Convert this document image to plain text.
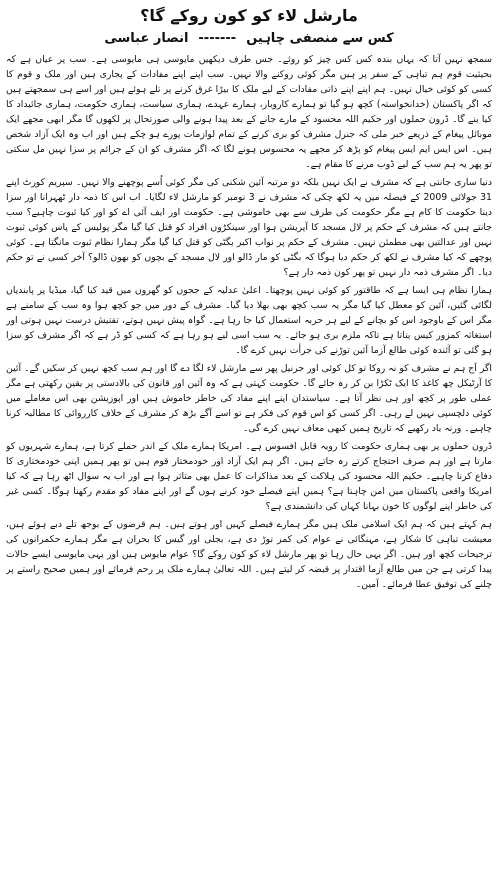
مارشل لاء کو کون روکے گا؟
کس سے منصفی چاہیں
-------
انصار عباسی

سمجھ نہیں آتا کہ یہاں بندہ کس کس چیز کو روئے۔ جس طرف دیکھیں مایوسی ہی مایوسی ہے۔ سب پر عیاں ہے کہ بحیثیت قوم ہم تباہی کے سفر پر ہیں مگر کوئی روکنے والا نہیں۔ سب اپنے اپنے مفادات کے پجاری ہیں اور ملک و قوم کا کسی کو کوئی خیال نہیں۔ ہم اپنے اپنے ذاتی مفادات کے لیے ملک کا بیڑا غرق کرنے پر تلے ہوئے ہیں اور اسے ہی سمجھتے ہیں کہ اگر پاکستان (خدانخواستہ) کچھ ہو گیا تو ہمارے کاروبار، ہمارے عہدے، ہماری سیاست، ہماری حکومت، ہماری جائیداد کا کیا بنے گا۔ ڈرون حملوں اور حکیم اللہ محسود کے مارے جانے کے بعد پیدا ہونے والی صورتحال پر لکھوں گا مگر ابھی مجھے ایک موبائل پیغام کے ذریعے خبر ملی کہ جنرل مشرف کو بری کرنے کے تمام لوازمات پورے ہو چکے ہیں اور اب وہ ایک آزاد شخص ہیں۔ اس ایس ایم ایس پیغام کو پڑھ کر مجھے یہ محسوس ہونے لگا کہ اگر مشرف کو ان کے جرائم پر سزا نہیں مل سکتی تو پھر یہ ہم سب کے لیے ڈوب مرنے کا مقام ہے۔

دنیا ساری جانتی ہے کہ مشرف نے ایک نہیں بلکہ دو مرتبہ آئین شکنی کی مگر کوئی اُسے پوچھنے والا نہیں۔ سپریم کورٹ اپنے 31 جولائی 2009 کے فیصلہ میں یہ لکھ چکی کہ مشرف نے 3 نومبر کو مارشل لاء لگایا۔ اب اس کا ذمہ دار ٹھہرانا اور سزا دینا حکومت کا کام ہے مگر حکومت کی طرف سے بھی خاموشی ہے۔ حکومت اور ایف آئی اے کو اور کیا ثبوت چاہیے؟ سب جانتے ہیں کہ مشرف کے حکم پر لال مسجد کا آپریشن ہوا اور سینکڑوں افراد کو قتل کیا گیا مگر پولیس کے پاس کوئی ثبوت نہیں اور عدالتیں بھی مطمئن نہیں۔ مشرف کے حکم پر نواب اکبر بگٹی کو قتل کیا گیا مگر ہمارا نظام ثبوت مانگتا ہے۔ کوئی پوچھے کہ کیا مشرف نے لکھ کر حکم دیا ہوگا کہ بگٹی کو مار ڈالو اور لال مسجد کے بچوں کو بھون ڈالو؟ آخر کسی نے تو حکم دیا۔ اگر مشرف ذمہ دار نہیں تو پھر کون ذمہ دار ہے؟

ہمارا نظام ہی ایسا ہے کہ طاقتور کو کوئی نہیں پوچھتا۔ اعلیٰ عدلیہ کے ججوں کو گھروں میں قید کیا گیا، میڈیا پر پابندیاں لگائی گئیں، آئین کو معطل کیا گیا مگر یہ سب کچھ بھی بھلا دیا گیا۔ مشرف کے دور میں جو کچھ ہوا وہ سب کے سامنے ہے مگر اس کے باوجود اس کو بچانے کے لیے ہر حربہ استعمال کیا جا رہا ہے۔ گواہ پیش نہیں ہوتے، تفتیش درست نہیں ہوتی اور استغاثہ کمزور کیس بناتا ہے تاکہ ملزم بری ہو جائے۔ یہ سب اسی لیے ہو رہا ہے کہ کسی کو ڈر ہے کہ اگر مشرف کو سزا ہو گئی تو آئندہ کوئی طالع آزما آئین توڑنے کی جرأت نہیں کرے گا۔

اگر آج ہم نے مشرف کو نہ روکا تو کل کوئی اور جرنیل پھر سے مارشل لاء لگا دے گا اور ہم سب کچھ نہیں کر سکیں گے۔ آئین کا آرٹیکل چھ کاغذ کا ایک ٹکڑا بن کر رہ جائے گا۔ حکومت کہتی ہے کہ وہ آئین اور قانون کی بالادستی پر یقین رکھتی ہے مگر عملی طور پر کچھ اور ہی نظر آتا ہے۔ سیاستدان اپنے اپنے مفاد کی خاطر خاموش ہیں اور اپوزیشن بھی اس معاملے میں کوئی دلچسپی نہیں لے رہی۔ اگر کسی کو اس قوم کی فکر ہے تو اسے آگے بڑھ کر مشرف کے خلاف کارروائی کا مطالبہ کرنا چاہیے۔ ورنہ یاد رکھیے کہ تاریخ ہمیں کبھی معاف نہیں کرے گی۔

ڈرون حملوں پر بھی ہماری حکومت کا رویہ قابل افسوس ہے۔ امریکا ہمارے ملک کے اندر حملے کرتا ہے، ہمارے شہریوں کو مارتا ہے اور ہم صرف احتجاج کرتے رہ جاتے ہیں۔ اگر ہم ایک آزاد اور خودمختار قوم ہیں تو پھر ہمیں اپنی خودمختاری کا دفاع کرنا چاہیے۔ حکیم اللہ محسود کی ہلاکت کے بعد مذاکرات کا عمل بھی متاثر ہوا ہے اور اب یہ سوال اٹھ رہا ہے کہ کیا امریکا واقعی پاکستان میں امن چاہتا ہے؟ ہمیں اپنے فیصلے خود کرنے ہوں گے اور اپنے مفاد کو مقدم رکھنا ہوگا۔ کسی غیر کی خاطر اپنے لوگوں کا خون بہانا کہاں کی دانشمندی ہے؟

ہم کہتے ہیں کہ ہم ایک اسلامی ملک ہیں مگر ہمارے فیصلے کہیں اور ہوتے ہیں۔ ہم قرضوں کے بوجھ تلے دبے ہوئے ہیں، معیشت تباہی کا شکار ہے، مہنگائی نے عوام کی کمر توڑ دی ہے، بجلی اور گیس کا بحران ہے مگر ہمارے حکمرانوں کی ترجیحات کچھ اور ہیں۔ اگر یہی حال رہا تو پھر مارشل لاء کو کون روکے گا؟ عوام مایوس ہیں اور یہی مایوسی ایسے حالات پیدا کرتی ہے جن میں طالع آزما اقتدار پر قبضہ کر لیتے ہیں۔ اللہ تعالیٰ ہمارے ملک پر رحم فرمائے اور ہمیں صحیح راستے پر چلنے کی توفیق عطا فرمائے۔ آمین۔
